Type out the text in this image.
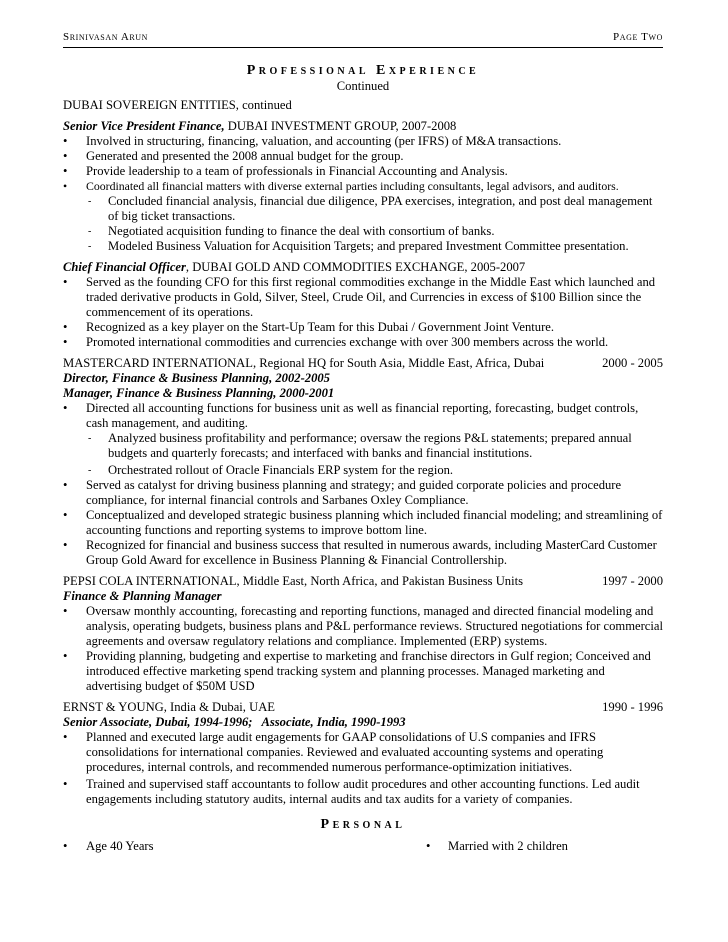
Srinivasan Arun	Page Two
Professional Experience
Continued
DUBAI SOVEREIGN ENTITIES, continued
Senior Vice President Finance, DUBAI INVESTMENT GROUP, 2007-2008
• Involved in structuring, financing, valuation, and accounting (per IFRS) of M&A transactions.
• Generated and presented the 2008 annual budget for the group.
• Provide leadership to a team of professionals in Financial Accounting and Analysis.
• Coordinated all financial matters with diverse external parties including consultants, legal advisors, and auditors.
- Concluded financial analysis, financial due diligence, PPA exercises, integration, and post deal management of big ticket transactions.
- Negotiated acquisition funding to finance the deal with consortium of banks.
- Modeled Business Valuation for Acquisition Targets; and prepared Investment Committee presentation.
Chief Financial Officer, DUBAI GOLD AND COMMODITIES EXCHANGE, 2005-2007
• Served as the founding CFO for this first regional commodities exchange in the Middle East which launched and traded derivative products in Gold, Silver, Steel, Crude Oil, and Currencies in excess of $100 Billion since the commencement of its operations.
• Recognized as a key player on the Start-Up Team for this Dubai / Government Joint Venture.
• Promoted international commodities and currencies exchange with over 300 members across the world.
MASTERCARD INTERNATIONAL, Regional HQ for South Asia, Middle East, Africa, Dubai	2000 - 2005
Director, Finance & Business Planning, 2002-2005
Manager, Finance & Business Planning, 2000-2001
• Directed all accounting functions for business unit as well as financial reporting, forecasting, budget controls, cash management, and auditing.
- Analyzed business profitability and performance; oversaw the regions P&L statements; prepared annual budgets and quarterly forecasts; and interfaced with banks and financial institutions.
- Orchestrated rollout of Oracle Financials ERP system for the region.
• Served as catalyst for driving business planning and strategy; and guided corporate policies and procedure compliance, for internal financial controls and Sarbanes Oxley Compliance.
• Conceptualized and developed strategic business planning which included financial modeling; and streamlining of accounting functions and reporting systems to improve bottom line.
• Recognized for financial and business success that resulted in numerous awards, including MasterCard Customer Group Gold Award for excellence in Business Planning & Financial Controllership.
PEPSI COLA INTERNATIONAL, Middle East, North Africa, and Pakistan Business Units	1997 - 2000
Finance & Planning Manager
• Oversaw monthly accounting, forecasting and reporting functions, managed and directed financial modeling and analysis, operating budgets, business plans and P&L performance reviews. Structured negotiations for commercial agreements and oversaw regulatory relations and compliance. Implemented (ERP) systems.
• Providing planning, budgeting and expertise to marketing and franchise directors in Gulf region; Conceived and introduced effective marketing spend tracking system and planning processes. Managed marketing and advertising budget of $50M USD
ERNST & YOUNG, India & Dubai, UAE	1990 - 1996
Senior Associate, Dubai, 1994-1996;   Associate, India, 1990-1993
• Planned and executed large audit engagements for GAAP consolidations of U.S companies and IFRS consolidations for international companies. Reviewed and evaluated accounting systems and operating procedures, internal controls, and recommended numerous performance-optimization initiatives.
• Trained and supervised staff accountants to follow audit procedures and other accounting functions. Led audit engagements including statutory audits, internal audits and tax audits for a variety of companies.
Personal
• Age 40 Years
•	Married with 2 children
